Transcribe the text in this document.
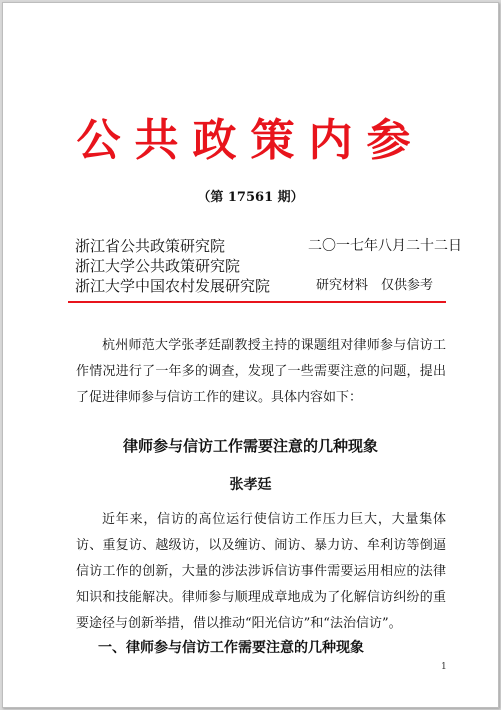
公共政策内参
（第 17561 期）
浙江省公共政策研究院
浙江大学公共政策研究院
浙江大学中国农村发展研究院
二〇一七年八月二十二日
研究材料　仅供参考

杭州师范大学张孝廷副教授主持的课题组对律师参与信访工作情况进行了一年多的调查，发现了一些需要注意的问题，提出了促进律师参与信访工作的建议。具体内容如下：

律师参与信访工作需要注意的几种现象
张孝廷

近年来，信访的高位运行使信访工作压力巨大，大量集体访、重复访、越级访，以及缠访、闹访、暴力访、牟利访等倒逼信访工作的创新，大量的涉法涉诉信访事件需要运用相应的法律知识和技能解决。律师参与顺理成章地成为了化解信访纠纷的重要途径与创新举措，借以推动“阳光信访”和“法治信访”。

一、律师参与信访工作需要注意的几种现象
1
